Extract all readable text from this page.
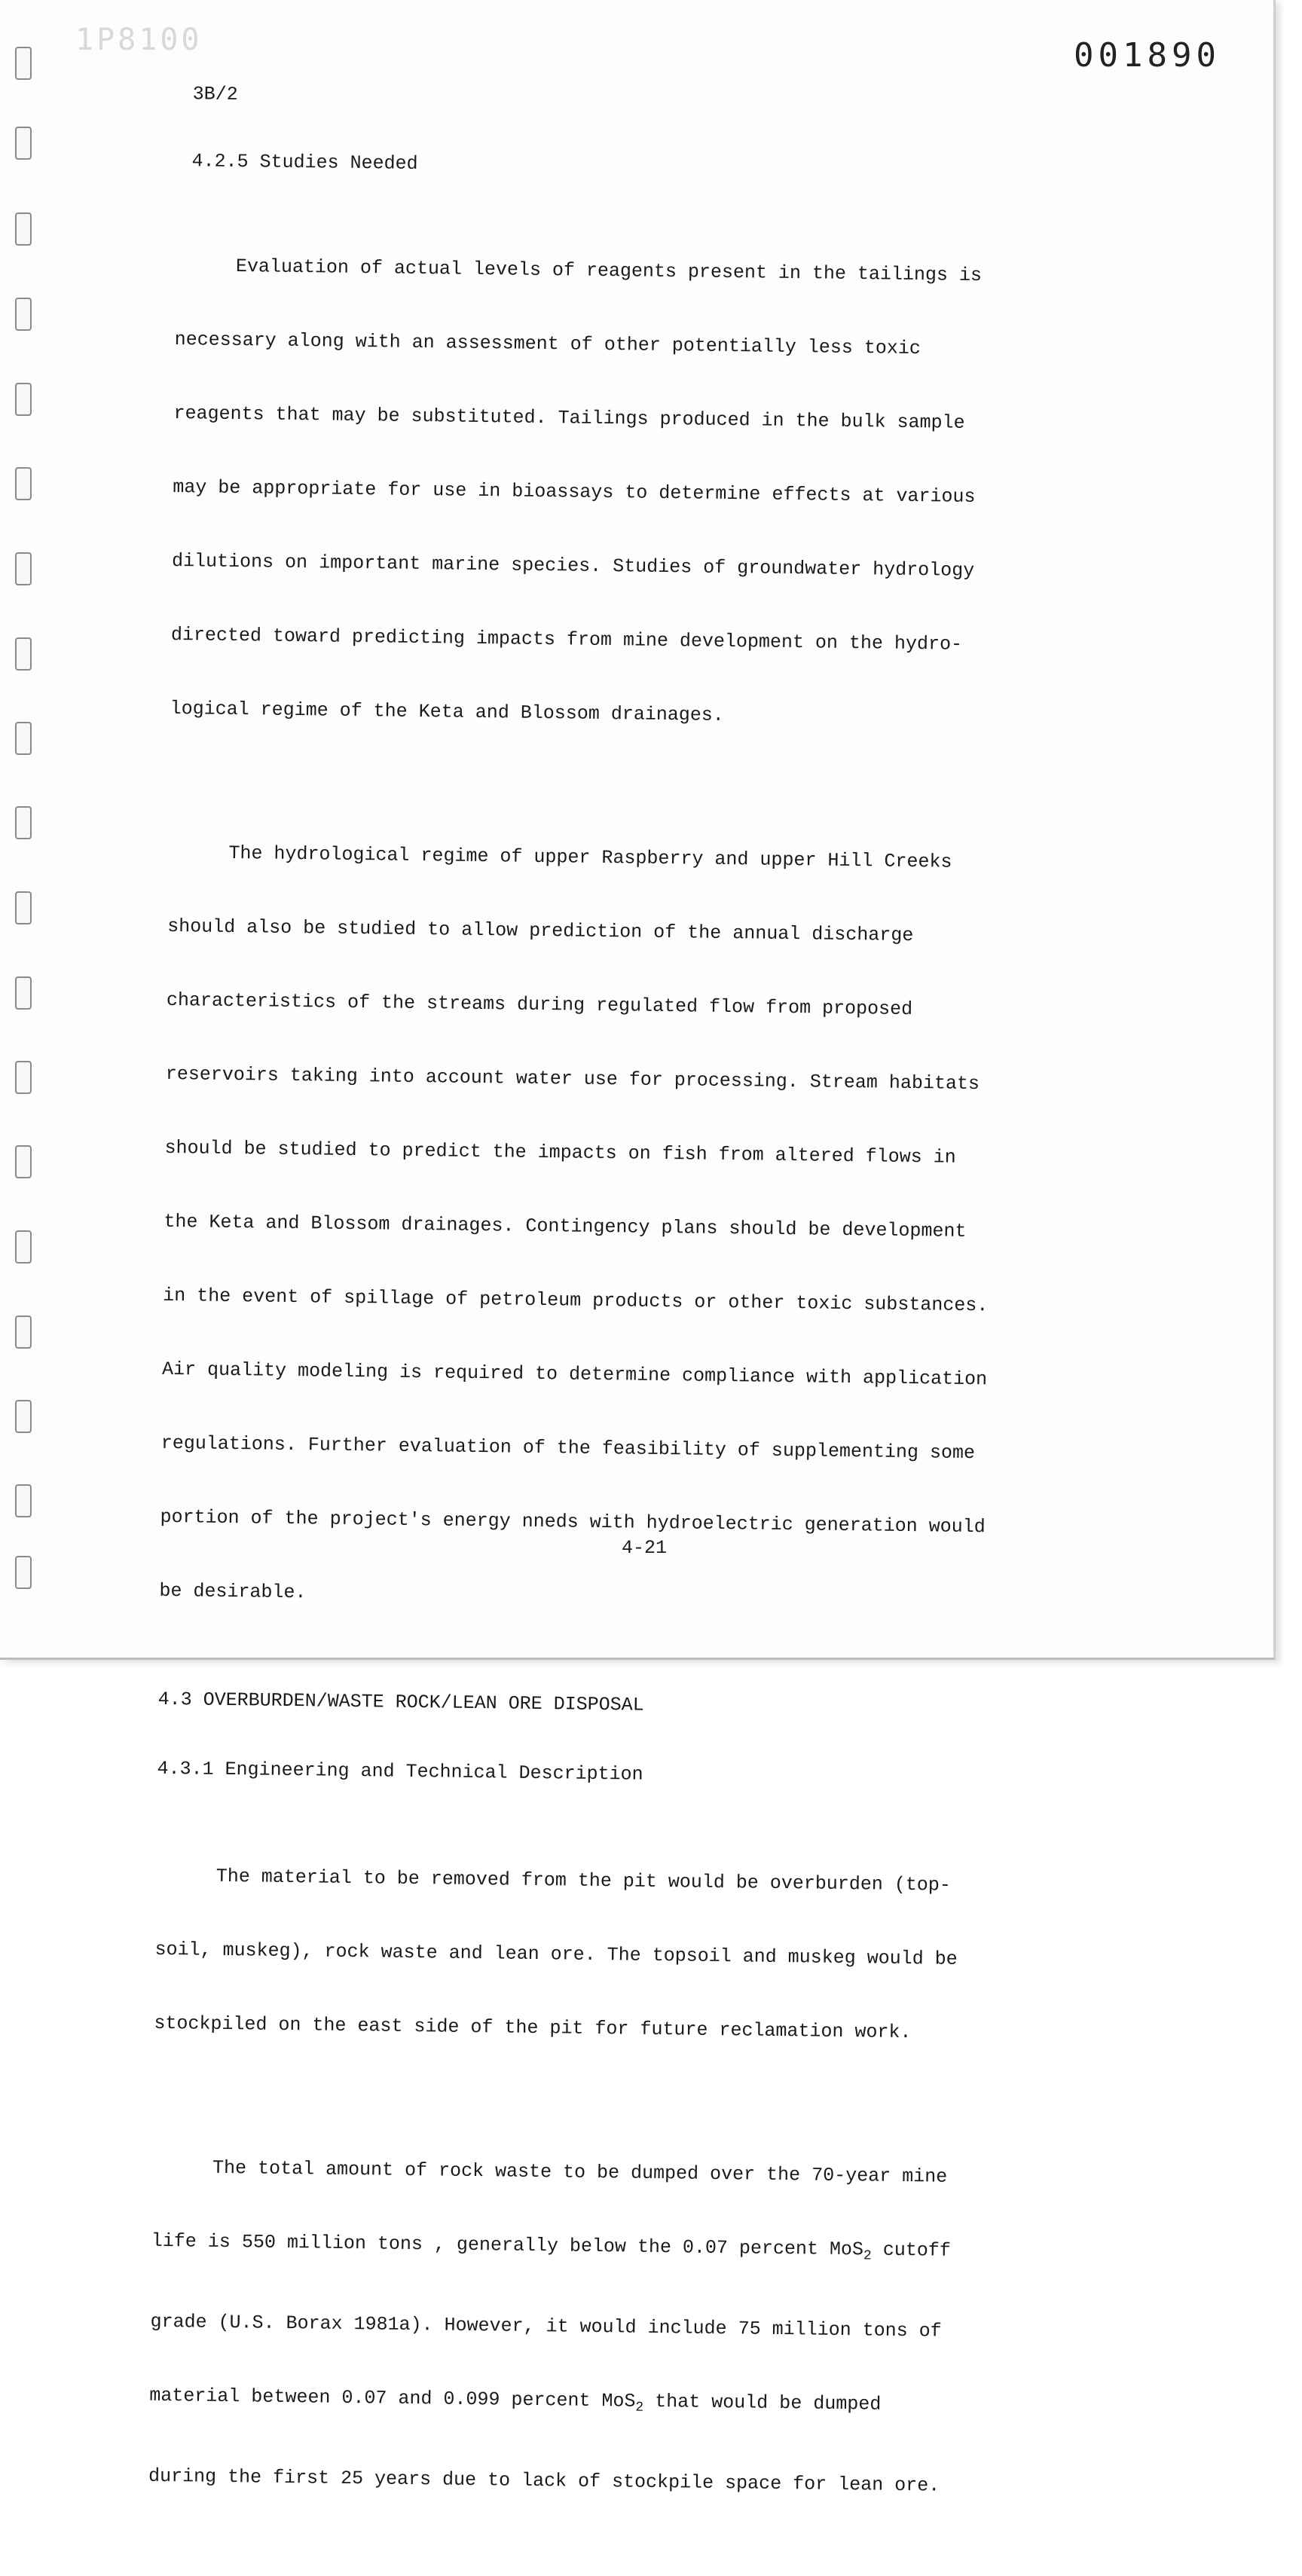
1P8100	001890
3B/2
4.2.5 Studies Needed

Evaluation of actual levels of reagents present in the tailings is

necessary along with an assessment of other potentially less toxic

reagents that may be substituted. Tailings produced in the bulk sample

may be appropriate for use in bioassays to determine effects at various

dilutions on important marine species. Studies of groundwater hydrology

directed toward predicting impacts from mine development on the hydro-

logical regime of the Keta and Blossom drainages.

The hydrological regime of upper Raspberry and upper Hill Creeks

should also be studied to allow prediction of the annual discharge

characteristics of the streams during regulated flow from proposed

reservoirs taking into account water use for processing. Stream habitats

should be studied to predict the impacts on fish from altered flows in

the Keta and Blossom drainages. Contingency plans should be development

in the event of spillage of petroleum products or other toxic substances.

Air quality modeling is required to determine compliance with application

regulations. Further evaluation of the feasibility of supplementing some

portion of the project's energy nneds with hydroelectric generation would

be desirable.

4.3 OVERBURDEN/WASTE ROCK/LEAN ORE DISPOSAL
4.3.1 Engineering and Technical Description

The material to be removed from the pit would be overburden (top-

soil, muskeg), rock waste and lean ore. The topsoil and muskeg would be

stockpiled on the east side of the pit for future reclamation work.

The total amount of rock waste to be dumped over the 70-year mine

life is 550 million tons , generally below the 0.07 percent MoS$_2$ cutoff

grade (U.S. Borax 1981a). However, it would include 75 million tons of

material between 0.07 and 0.099 percent MoS$_2$ that would be dumped

during the first 25 years due to lack of stockpile space for lean ore.

4-21
